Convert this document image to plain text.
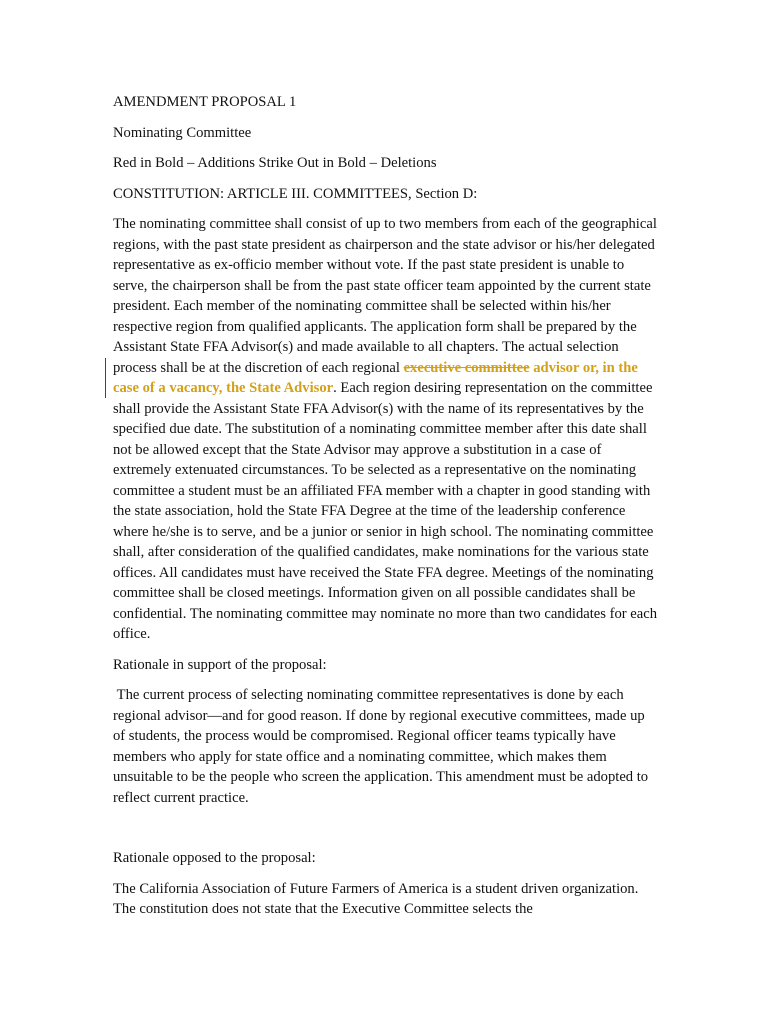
AMENDMENT PROPOSAL 1

Nominating Committee

Red in Bold – Additions Strike Out in Bold – Deletions

CONSTITUTION: ARTICLE III. COMMITTEES, Section D:

The nominating committee shall consist of up to two members from each of the geographical regions, with the past state president as chairperson and the state advisor or his/her delegated representative as ex-officio member without vote. If the past state president is unable to serve, the chairperson shall be from the past state officer team appointed by the current state president. Each member of the nominating committee shall be selected within his/her respective region from qualified applicants. The application form shall be prepared by the Assistant State FFA Advisor(s) and made available to all chapters. The actual selection process shall be at the discretion of each regional executive committee advisor or, in the case of a vacancy, the State Advisor. Each region desiring representation on the committee shall provide the Assistant State FFA Advisor(s) with the name of its representatives by the specified due date. The substitution of a nominating committee member after this date shall not be allowed except that the State Advisor may approve a substitution in a case of extremely extenuated circumstances. To be selected as a representative on the nominating committee a student must be an affiliated FFA member with a chapter in good standing with the state association, hold the State FFA Degree at the time of the leadership conference where he/she is to serve, and be a junior or senior in high school. The nominating committee shall, after consideration of the qualified candidates, make nominations for the various state offices. All candidates must have received the State FFA degree. Meetings of the nominating committee shall be closed meetings. Information given on all possible candidates shall be confidential. The nominating committee may nominate no more than two candidates for each office.

Rationale in support of the proposal:

The current process of selecting nominating committee representatives is done by each regional advisor—and for good reason. If done by regional executive committees, made up of students, the process would be compromised. Regional officer teams typically have members who apply for state office and a nominating committee, which makes them unsuitable to be the people who screen the application. This amendment must be adopted to reflect current practice.

Rationale opposed to the proposal:

The California Association of Future Farmers of America is a student driven organization. The constitution does not state that the Executive Committee selects the
